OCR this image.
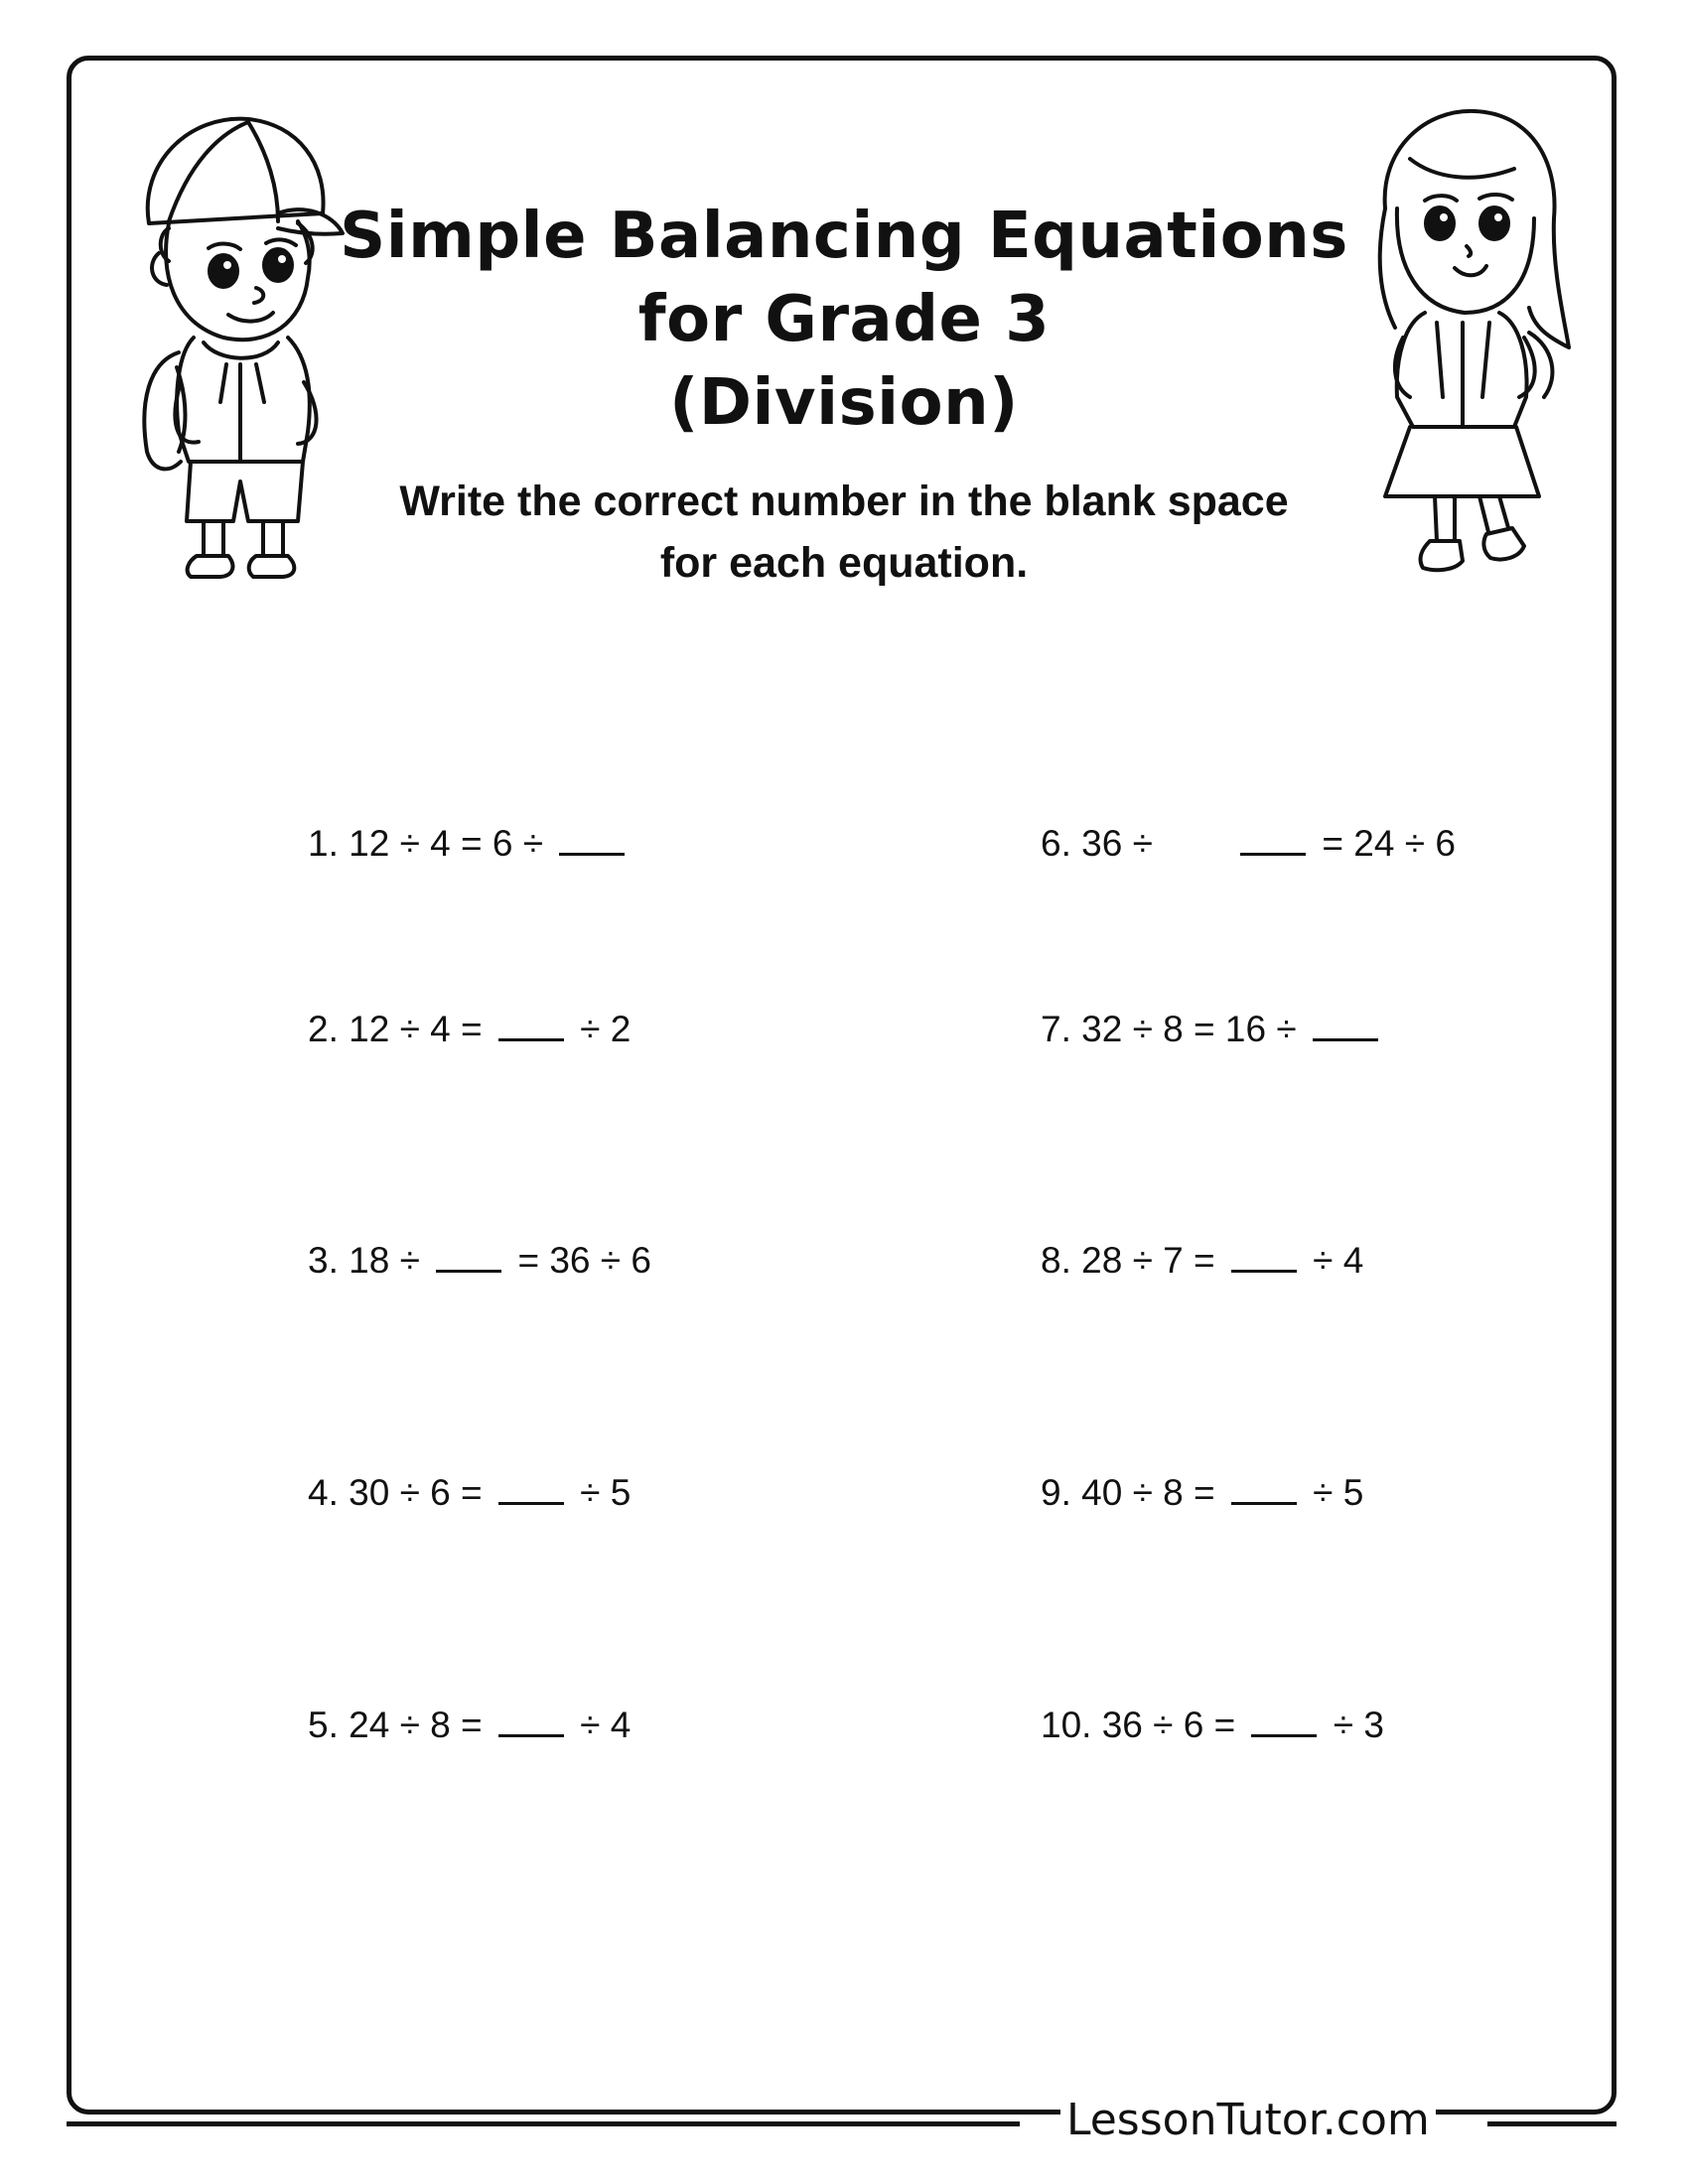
Simple Balancing Equations
for Grade 3
(Division)

Write the correct number in the blank space
for each equation.

1. 12 ÷ 4 = 6 ÷
2. 12 ÷ 4 =  ÷ 2
3. 18 ÷  = 36 ÷ 6
4. 30 ÷ 6 =  ÷ 5
5. 24 ÷ 8 =  ÷ 4
6. 36 ÷         = 24 ÷ 6
7. 32 ÷ 8 = 16 ÷
8. 28 ÷ 7 =  ÷ 4
9. 40 ÷ 8 =  ÷ 5
10. 36 ÷ 6 =  ÷ 3
LessonTutor.com
